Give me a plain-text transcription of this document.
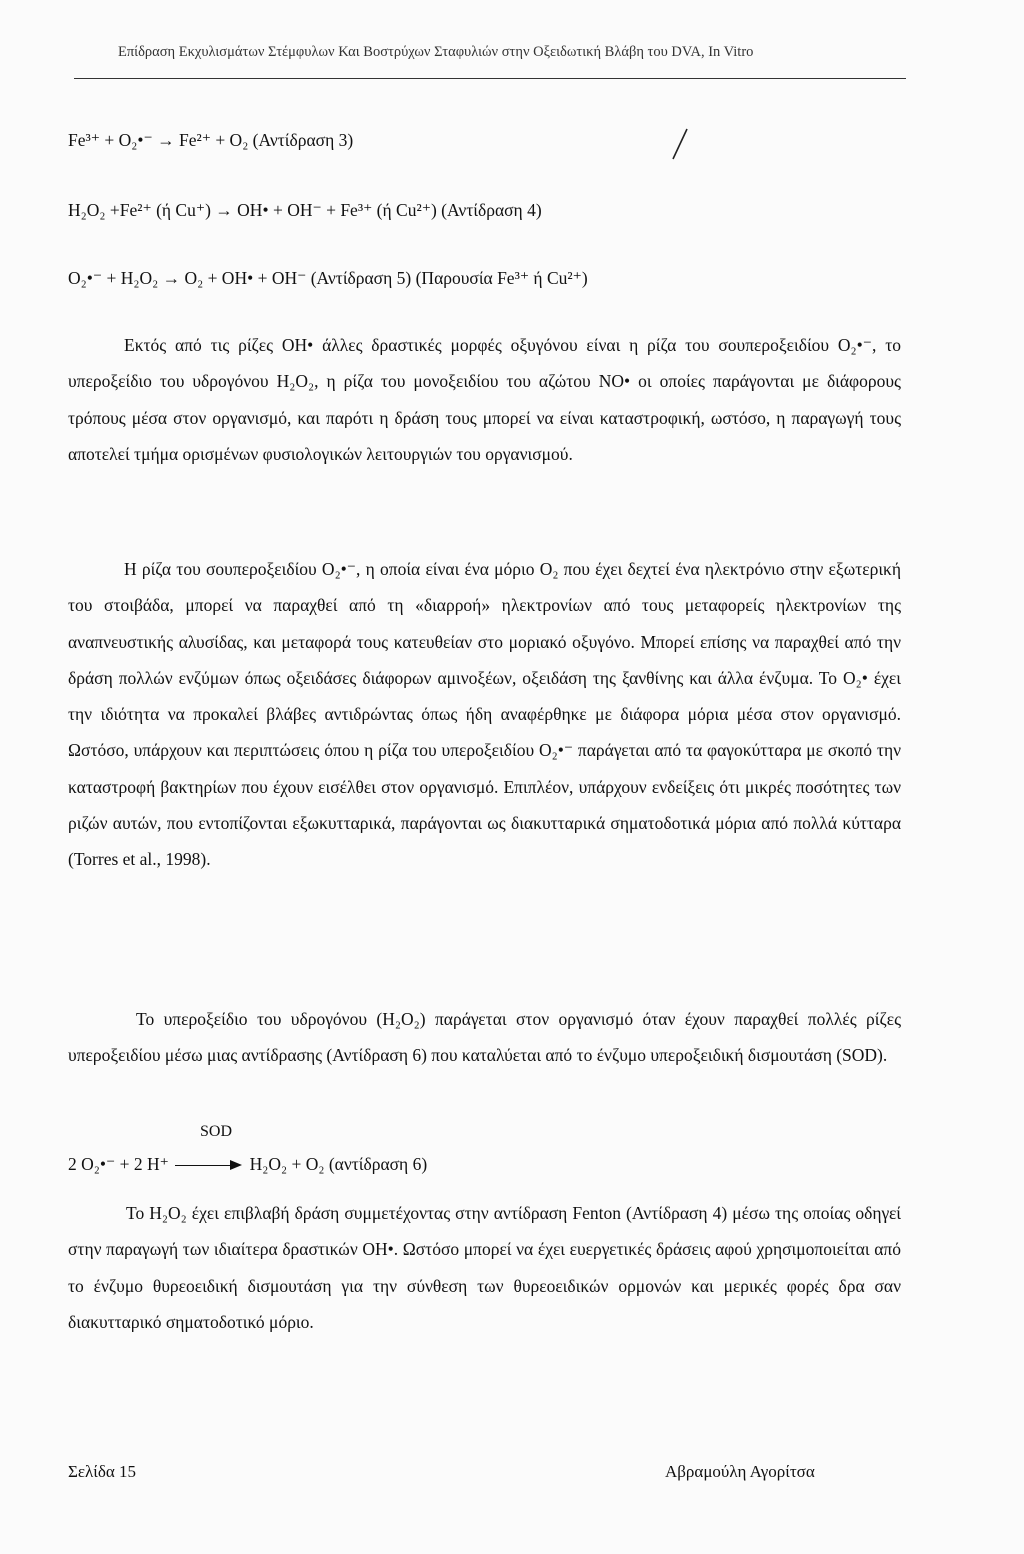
Επίδραση Εκχυλισμάτων Στέμφυλων Και Βοστρύχων Σταφυλιών στην Οξειδωτική Βλάβη του DVA, In Vitro
Fe³⁺ + O₂•⁻ → Fe²⁺ + O₂ (Αντίδραση 3)
H₂O₂ +Fe²⁺ (ή Cu⁺) → OH• + OH⁻ + Fe³⁺ (ή Cu²⁺) (Αντίδραση 4)
O₂•⁻ + H₂O₂ → O₂ + OH• + OH⁻ (Αντίδραση 5) (Παρουσία Fe³⁺ ή Cu²⁺)
Εκτός από τις ρίζες OH• άλλες δραστικές μορφές οξυγόνου είναι η ρίζα του σουπεροξειδίου O₂•⁻, το υπεροξείδιο του υδρογόνου H₂O₂, η ρίζα του μονοξειδίου του αζώτου NO• οι οποίες παράγονται με διάφορους τρόπους μέσα στον οργανισμό, και παρότι η δράση τους μπορεί να είναι καταστροφική, ωστόσο, η παραγωγή τους αποτελεί τμήμα ορισμένων φυσιολογικών λειτουργιών του οργανισμού.
Η ρίζα του σουπεροξειδίου O₂•⁻, η οποία είναι ένα μόριο O₂ που έχει δεχτεί ένα ηλεκτρόνιο στην εξωτερική του στοιβάδα, μπορεί να παραχθεί από τη «διαρροή» ηλεκτρονίων από τους μεταφορείς ηλεκτρονίων της αναπνευστικής αλυσίδας, και μεταφορά τους κατευθείαν στο μοριακό οξυγόνο. Μπορεί επίσης να παραχθεί από την δράση πολλών ενζύμων όπως οξειδάσες διάφορων αμινοξέων, οξειδάση της ξανθίνης και άλλα ένζυμα. Το O₂• έχει την ιδιότητα να προκαλεί βλάβες αντιδρώντας όπως ήδη αναφέρθηκε με διάφορα μόρια μέσα στον οργανισμό. Ωστόσο, υπάρχουν και περιπτώσεις όπου η ρίζα του υπεροξειδίου O₂•⁻ παράγεται από τα φαγοκύτταρα με σκοπό την καταστροφή βακτηρίων που έχουν εισέλθει στον οργανισμό. Επιπλέον, υπάρχουν ενδείξεις ότι μικρές ποσότητες των ριζών αυτών, που εντοπίζονται εξωκυτταρικά, παράγονται ως διακυτταρικά σηματοδοτικά μόρια από πολλά κύτταρα (Torres et al., 1998).
Το υπεροξείδιο του υδρογόνου (H₂O₂) παράγεται στον οργανισμό όταν έχουν παραχθεί πολλές ρίζες υπεροξειδίου μέσω μιας αντίδρασης (Αντίδραση 6) που καταλύεται από το ένζυμο υπεροξειδική δισμουτάση (SOD).
SOD
2 O₂•⁻ + 2 H⁺ → H₂O₂ + O₂ (αντίδραση 6)
Το H₂O₂ έχει επιβλαβή δράση συμμετέχοντας στην αντίδραση Fenton (Αντίδραση 4) μέσω της οποίας οδηγεί στην παραγωγή των ιδιαίτερα δραστικών OH•. Ωστόσο μπορεί να έχει ευεργετικές δράσεις αφού χρησιμοποιείται από το ένζυμο θυρεοειδική δισμουτάση για την σύνθεση των θυρεοειδικών ορμονών και μερικές φορές δρα σαν διακυτταρικό σηματοδοτικό μόριο.
Σελίδα 15	Αβραμούλη Αγορίτσα
